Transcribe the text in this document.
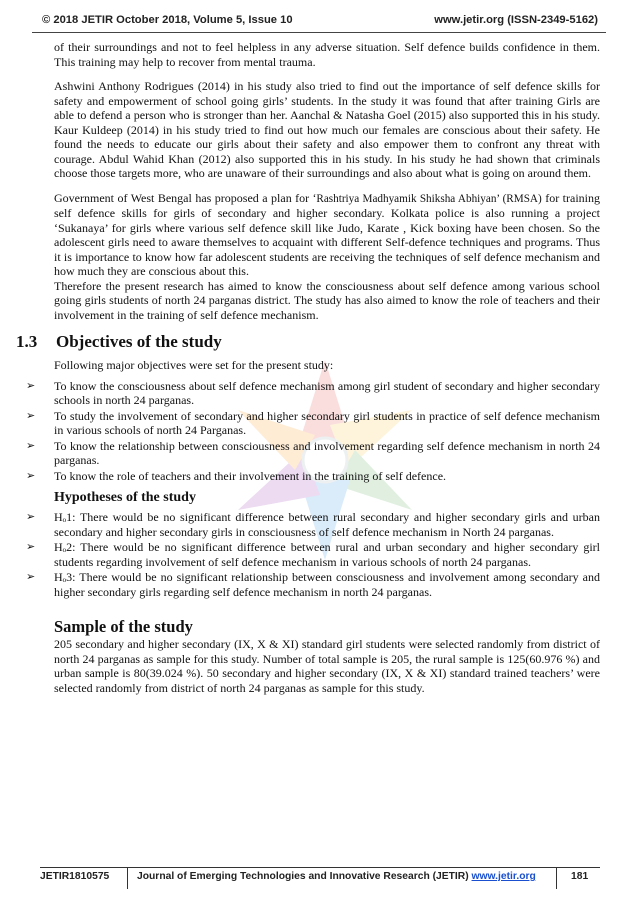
© 2018 JETIR October 2018, Volume 5, Issue 10	www.jetir.org (ISSN-2349-5162)

of their surroundings and not to feel helpless in any adverse situation. Self defence builds confidence in them. This training may help to recover from mental trauma.

Ashwini Anthony Rodrigues (2014) in his study also tried to find out the importance of self defence skills for safety and empowerment of school going girls’ students. In the study it was found that after training Girls are able to defend a person who is stronger than her. Aanchal & Natasha Goel (2015) also supported this in his study. Kaur Kuldeep (2014) in his study tried to find out how much our females are conscious about their safety. He found the needs to educate our girls about their safety and also empower them to confront any threat with courage. Abdul Wahid Khan (2012) also supported this in his study. In his study he had shown that criminals choose those targets more, who are unaware of their surroundings and also about what is going on around them.

Government of West Bengal has proposed a plan for ‘Rashtriya Madhyamik Shiksha Abhiyan’ (RMSA) for training self defence skills for girls of secondary and higher secondary. Kolkata police is also running a project ‘Sukanaya’ for girls where various self defence skill like Judo, Karate , Kick boxing have been chosen. So the adolescent girls need to aware themselves to acquaint with different Self-defence techniques and programs. Thus it is importance to know how far adolescent students are receiving the techniques of self defence mechanism and how much they are conscious about this.

Therefore the present research has aimed to know the consciousness about self defence among various school going girls students of north 24 parganas district. The study has also aimed to know the role of teachers and their involvement in the training of self defence mechanism.

1.3 Objectives of the study

Following major objectives were set for the present study:

➢ To know the consciousness about self defence mechanism among girl student of secondary and higher secondary schools in north 24 parganas.
➢ To study the involvement of secondary and higher secondary girl students in practice of self defence mechanism in various schools of north 24 Parganas.
➢ To know the relationship between consciousness and involvement regarding self defence mechanism in north 24 parganas.
➢ To know the role of teachers and their involvement in the training of self defence.
Hypotheses of the study
➢ Hₒ1: There would be no significant difference between rural secondary and higher secondary girls and urban secondary and higher secondary girls in consciousness of self defence mechanism in North 24 parganas.
➢ Hₒ2: There would be no significant difference between rural and urban secondary and higher secondary girl students regarding involvement of self defence mechanism in various schools of north 24 parganas.
➢ Hₒ3: There would be no significant relationship between consciousness and involvement among secondary and higher secondary girls regarding self defence mechanism in north 24 parganas.
Sample of the study

205 secondary and higher secondary (IX, X & XI) standard girl students were selected randomly from district of north 24 parganas as sample for this study. Number of total sample is 205, the rural sample is 125(60.976 %) and urban sample is 80(39.024 %). 50 secondary and higher secondary (IX, X & XI) standard trained teachers’ were selected randomly from district of north 24 parganas as sample for this study.

JETIR1810575	Journal of Emerging Technologies and Innovative Research (JETIR) www.jetir.org	181
